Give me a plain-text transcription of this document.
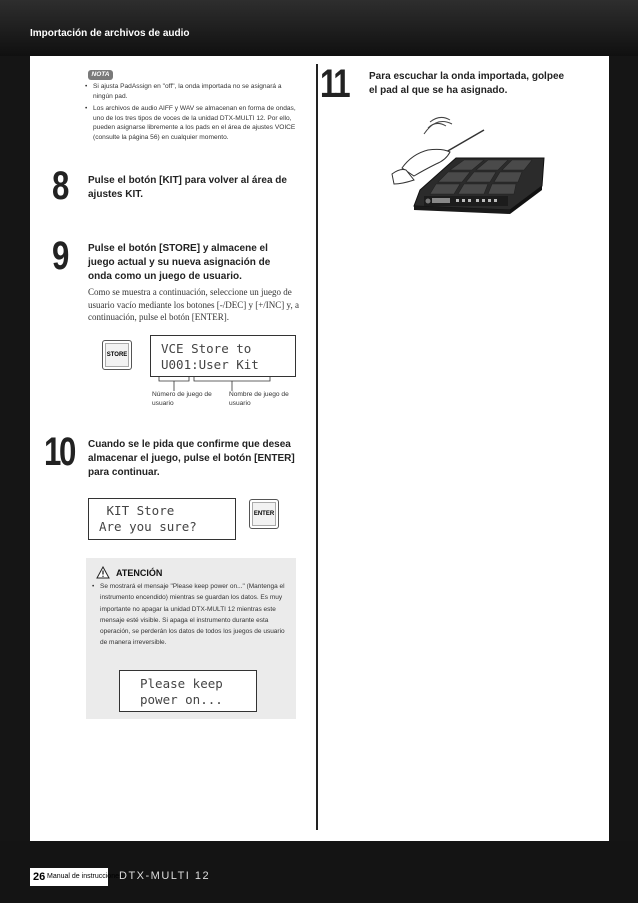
Importación de archivos de audio
NOTA
• Si ajusta PadAssign en "off", la onda importada no se asignará a ningún pad.
• Los archivos de audio AIFF y WAV se almacenan en forma de ondas, uno de los tres tipos de voces de la unidad DTX-MULTI 12. Por ello, pueden asignarse libremente a los pads en el área de ajustes VOICE (consulte la página 56) en cualquier momento.
8 Pulse el botón [KIT] para volver al área de ajustes KIT.
9 Pulse el botón [STORE] y almacene el juego actual y su nueva asignación de onda como un juego de usuario.
Como se muestra a continuación, seleccione un juego de usuario vacío mediante los botones [-/DEC] y [+/INC] y, a continuación, pulse el botón [ENTER].
STORE	VCE Store to
U001:User Kit
Número de juego de usuario
Nombre de juego de usuario
10 Cuando se le pida que confirme que desea almacenar el juego, pulse el botón [ENTER] para continuar.
KIT Store
Are you sure?
ENTER
ATENCIÓN
• Se mostrará el mensaje "Please keep power on..." (Mantenga el instrumento encendido) mientras se guardan los datos. Es muy importante no apagar la unidad DTX-MULTI 12 mientras este mensaje esté visible. Si apaga el instrumento durante esta operación, se perderán los datos de todos los juegos de usuario de manera irreversible.
Please keep
power on...
11 Para escuchar la onda importada, golpee el pad al que se ha asignado.
26 Manual de instrucciones
DTX-MULTI 12
